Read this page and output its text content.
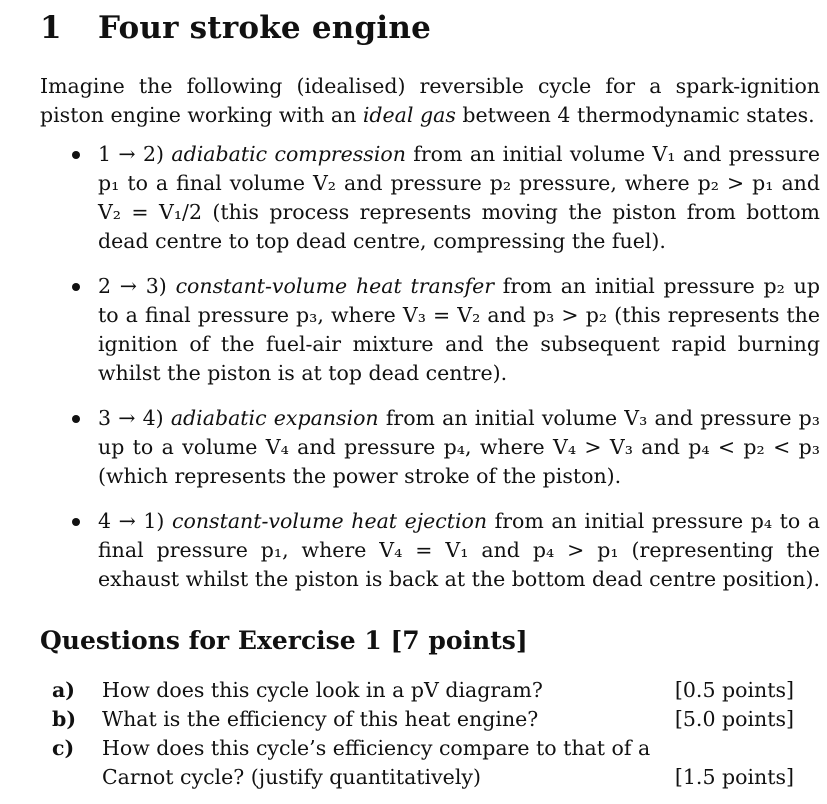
1 Four stroke engine
Imagine the following (idealised) reversible cycle for a spark-ignition piston engine working with an ideal gas between 4 thermodynamic states.
1 → 2) adiabatic compression from an initial volume V₁ and pressure p₁ to a final volume V₂ and pressure p₂ pressure, where p₂ > p₁ and V₂ = V₁/2 (this process represents moving the piston from bottom dead centre to top dead centre, compressing the fuel).
2 → 3) constant-volume heat transfer from an initial pressure p₂ up to a final pressure p₃, where V₃ = V₂ and p₃ > p₂ (this represents the ignition of the fuel-air mixture and the subsequent rapid burning whilst the piston is at top dead centre).
3 → 4) adiabatic expansion from an initial volume V₃ and pressure p₃ up to a volume V₄ and pressure p₄, where V₄ > V₃ and p₄ < p₂ < p₃ (which represents the power stroke of the piston).
4 → 1) constant-volume heat ejection from an initial pressure p₄ to a final pressure p₁, where V₄ = V₁ and p₄ > p₁ (representing the exhaust whilst the piston is back at the bottom dead centre position).
Questions for Exercise 1 [7 points]
a) How does this cycle look in a pV diagram?	[0.5 points]
b) What is the efficiency of this heat engine?	[5.0 points]
c) How does this cycle’s efficiency compare to that of a
Carnot cycle? (justify quantitatively)	[1.5 points]
